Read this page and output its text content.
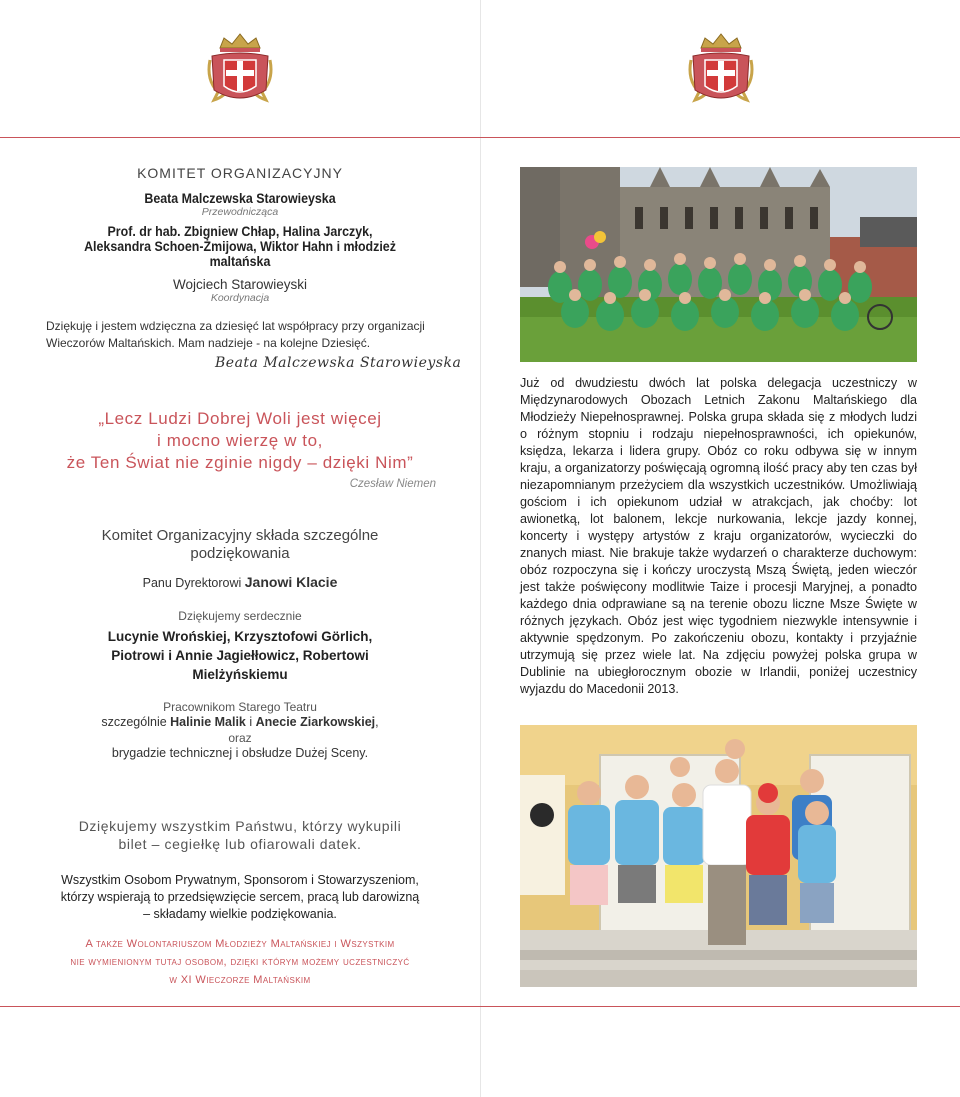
KOMITET ORGANIZACYJNY
Beata Malczewska Starowieyska
Przewodnicząca
Prof. dr hab. Zbigniew Chłap, Halina Jarczyk,
Aleksandra Schoen-Żmijowa, Wiktor Hahn i młodzież maltańska
Wojciech Starowieyski
Koordynacja
Dziękuję i jestem wdzięczna za dziesięć lat współpracy przy organizacji Wieczorów Maltańskich. Mam nadzieje - na kolejne Dziesięć.
Beata Malczewska Starowieyska
„Lecz Ludzi Dobrej Woli jest więcej
i mocno wierzę w to,
że Ten Świat nie zginie nigdy – dzięki Nim”
Czesław Niemen
Komitet Organizacyjny składa szczególne
podziękowania
Panu Dyrektorowi Janowi Klacie
Dziękujemy serdecznie
Lucynie Wrońskiej, Krzysztofowi Görlich,
Piotrowi i Annie Jagiełłowicz, Robertowi
Mielżyńskiemu
Pracownikom Starego Teatru
szczególnie Halinie Malik i Anecie Ziarkowskiej,
oraz
brygadzie technicznej i obsłudze Dużej Sceny.
Dziękujemy wszystkim Państwu, którzy wykupili
bilet – cegiełkę lub ofiarowali datek.
Wszystkim Osobom Prywatnym, Sponsorom i Stowarzyszeniom,
którzy wspierają to przedsięwzięcie sercem, pracą lub darowizną
– składamy wielkie podziękowania.
A także Wolontariuszom Młodzieży Maltańskiej i Wszystkim
nie wymienionym tutaj osobom, dzięki którym możemy uczestniczyć
w XI Wieczorze Maltańskim
Już od dwudziestu dwóch lat polska delegacja uczestniczy w Międzynarodowych Obozach Letnich Zakonu Maltańskiego dla Młodzieży Niepełnosprawnej. Polska grupa składa się z młodych ludzi o różnym stopniu i rodzaju niepełnosprawności, ich opiekunów, księdza, lekarza i lidera grupy. Obóz co roku odbywa się w innym kraju, a organizatorzy poświęcają ogromną ilość pracy aby ten czas był niezapomnianym przeżyciem dla wszystkich uczestników. Umożliwiają gościom i ich opiekunom udział w atrakcjach, jak choćby: lot awionetką, lot balonem, lekcje nurkowania, lekcje jazdy konnej, koncerty i występy artystów z kraju organizatorów, wycieczki do znanych miast. Nie brakuje także wydarzeń o charakterze duchowym: obóz rozpoczyna się i kończy uroczystą Mszą Świętą, jeden wieczór jest także poświęcony modlitwie Taize i procesji Maryjnej, a ponadto każdego dnia odprawiane są na terenie obozu liczne Msze Święte w różnych językach. Obóz jest więc tygodniem niezwykle intensywnie i aktywnie spędzonym. Po zakończeniu obozu, kontakty i przyjaźnie utrzymują się przez wiele lat. Na zdjęciu powyżej polska grupa w Dublinie na ubiegłorocznym obozie w Irlandii, poniżej uczestnicy wyjazdu do Macedonii 2013.
